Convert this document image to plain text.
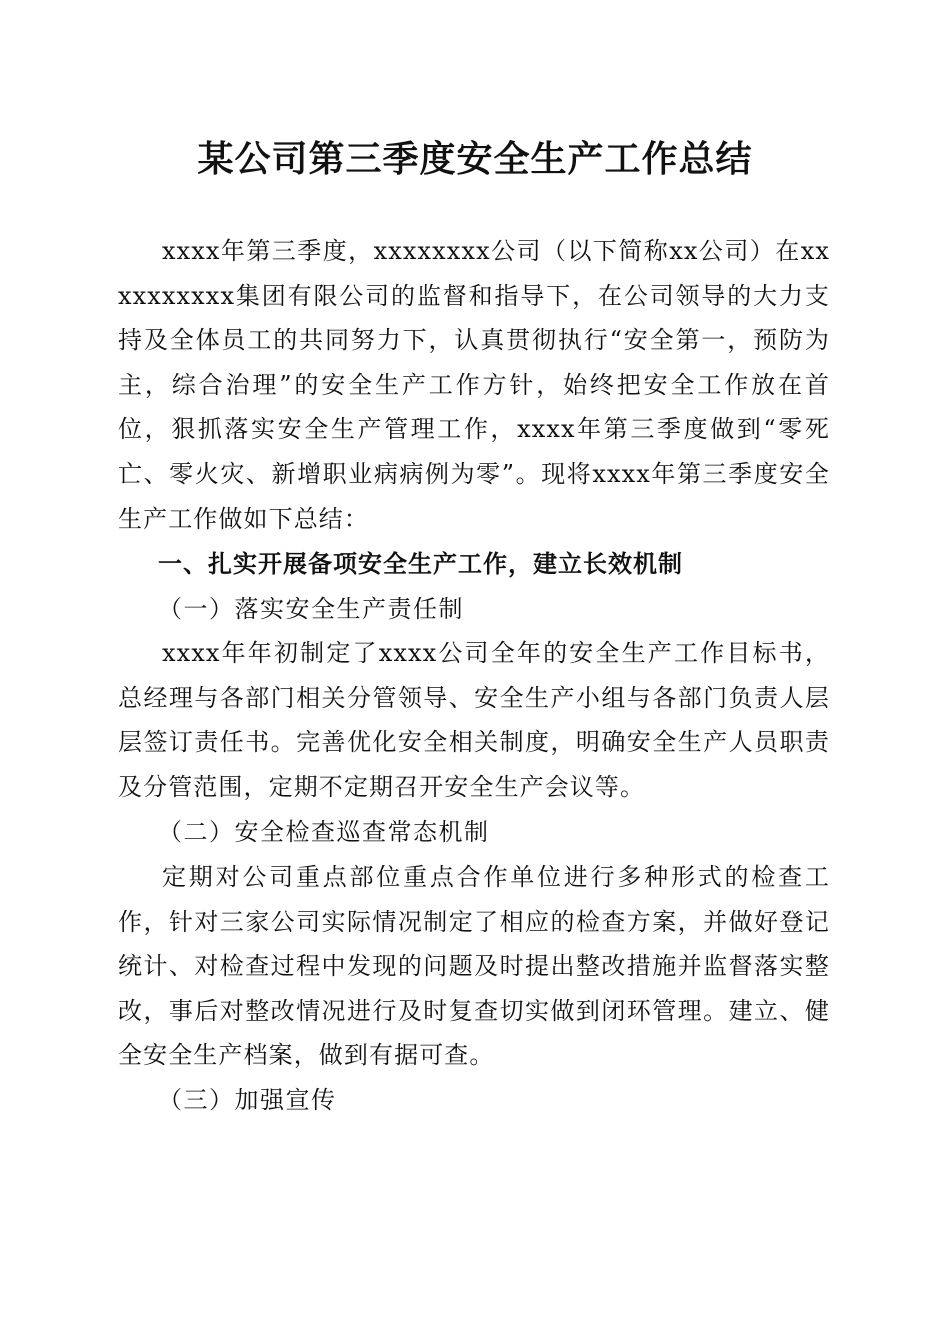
某公司第三季度安全生产工作总结
xxxx年第三季度，xxxxxxxx公司（以下简称xx公司）在xxxxxxxxxx集团有限公司的监督和指导下，在公司领导的大力支持及全体员工的共同努力下，认真贯彻执行“安全第一，预防为主，综合治理”的安全生产工作方针，始终把安全工作放在首位，狠抓落实安全生产管理工作，xxxx年第三季度做到“零死亡、零火灾、新增职业病病例为零”。现将xxxx年第三季度安全生产工作做如下总结：
一、扎实开展备项安全生产工作，建立长效机制
（一）落实安全生产责任制
xxxx年年初制定了xxxx公司全年的安全生产工作目标书，总经理与各部门相关分管领导、安全生产小组与各部门负责人层层签订责任书。完善优化安全相关制度，明确安全生产人员职责及分管范围，定期不定期召开安全生产会议等。
（二）安全检查巡查常态机制
定期对公司重点部位重点合作单位进行多种形式的检查工作，针对三家公司实际情况制定了相应的检查方案，并做好登记统计、对检查过程中发现的问题及时提出整改措施并监督落实整改，事后对整改情况进行及时复查切实做到闭环管理。建立、健全安全生产档案，做到有据可查。
（三）加强宣传
